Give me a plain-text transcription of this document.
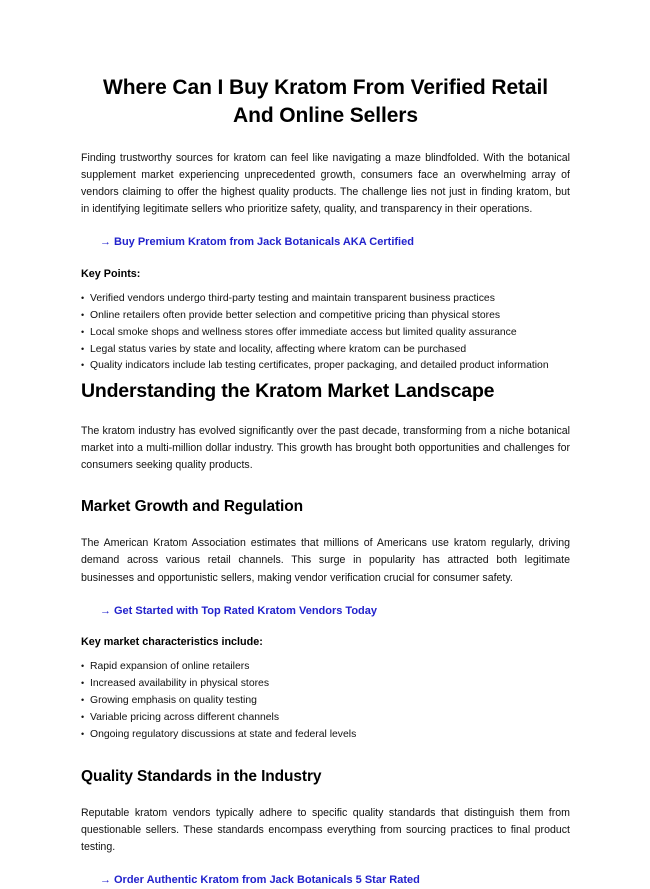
Where Can I Buy Kratom From Verified Retail And Online Sellers

Finding trustworthy sources for kratom can feel like navigating a maze blindfolded. With the botanical supplement market experiencing unprecedented growth, consumers face an overwhelming array of vendors claiming to offer the highest quality products. The challenge lies not just in finding kratom, but in identifying legitimate sellers who prioritize safety, quality, and transparency in their operations.

→ Buy Premium Kratom from Jack Botanicals AKA Certified
Key Points:
• Verified vendors undergo third-party testing and maintain transparent business practices
• Online retailers often provide better selection and competitive pricing than physical stores
• Local smoke shops and wellness stores offer immediate access but limited quality assurance
• Legal status varies by state and locality, affecting where kratom can be purchased
• Quality indicators include lab testing certificates, proper packaging, and detailed product information
Understanding the Kratom Market Landscape

The kratom industry has evolved significantly over the past decade, transforming from a niche botanical market into a multi-million dollar industry. This growth has brought both opportunities and challenges for consumers seeking quality products.

Market Growth and Regulation

The American Kratom Association estimates that millions of Americans use kratom regularly, driving demand across various retail channels. This surge in popularity has attracted both legitimate businesses and opportunistic sellers, making vendor verification crucial for consumer safety.

→ Get Started with Top Rated Kratom Vendors Today
Key market characteristics include:
• Rapid expansion of online retailers
• Increased availability in physical stores
• Growing emphasis on quality testing
• Variable pricing across different channels
• Ongoing regulatory discussions at state and federal levels
Quality Standards in the Industry

Reputable kratom vendors typically adhere to specific quality standards that distinguish them from questionable sellers. These standards encompass everything from sourcing practices to final product testing.

→ Order Authentic Kratom from Jack Botanicals 5 Star Rated
